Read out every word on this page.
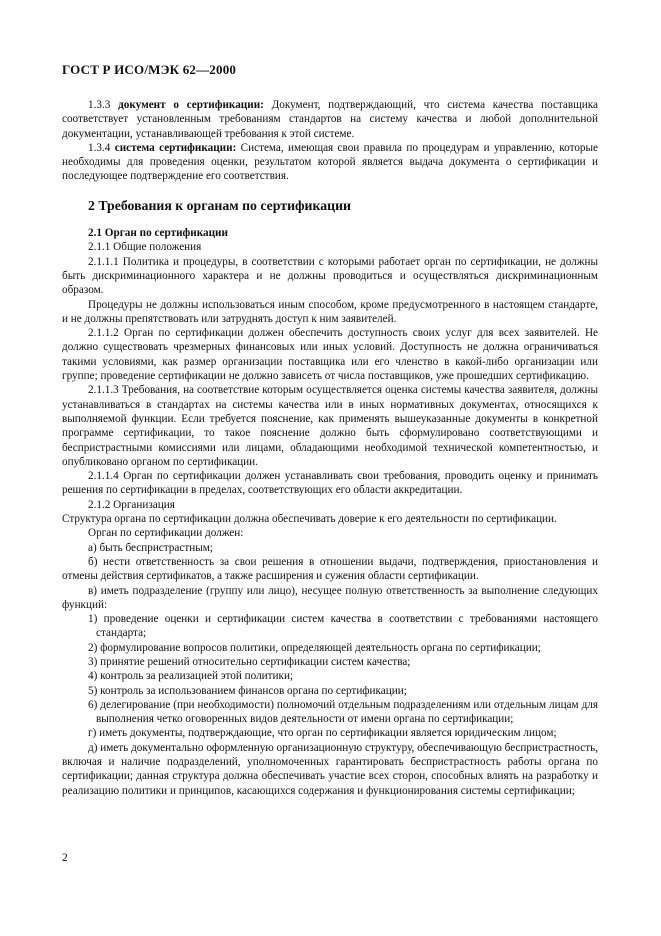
ГОСТ Р ИСО/МЭК 62—2000

1.3.3 документ о сертификации: Документ, подтверждающий, что система качества поставщика соответствует установленным требованиям стандартов на систему качества и любой дополнительной документации, устанавливающей требования к этой системе.

1.3.4 система сертификации: Система, имеющая свои правила по процедурам и управлению, которые необходимы для проведения оценки, результатом которой является выдача документа о сертификации и последующее подтверждение его соответствия.

2 Требования к органам по сертификации

2.1 Орган по сертификации

2.1.1 Общие положения

2.1.1.1 Политика и процедуры, в соответствии с которыми работает орган по сертификации, не должны быть дискриминационного характера и не должны проводиться и осуществляться дискриминационным образом.

Процедуры не должны использоваться иным способом, кроме предусмотренного в настоящем стандарте, и не должны препятствовать или затруднять доступ к ним заявителей.

2.1.1.2 Орган по сертификации должен обеспечить доступность своих услуг для всех заявителей. Не должно существовать чрезмерных финансовых или иных условий. Доступность не должна ограничиваться такими условиями, как размер организации поставщика или его членство в какой-либо организации или группе; проведение сертификации не должно зависеть от числа поставщиков, уже прошедших сертификацию.

2.1.1.3 Требования, на соответствие которым осуществляется оценка системы качества заявителя, должны устанавливаться в стандартах на системы качества или в иных нормативных документах, относящихся к выполняемой функции. Если требуется пояснение, как применять вышеуказанные документы в конкретной программе сертификации, то такое пояснение должно быть сформулировано соответствующими и беспристрастными комиссиями или лицами, обладающими необходимой технической компетентностью, и опубликовано органом по сертификации.

2.1.1.4 Орган по сертификации должен устанавливать свои требования, проводить оценку и принимать решения по сертификации в пределах, соответствующих его области аккредитации.

2.1.2 Организация

Структура органа по сертификации должна обеспечивать доверие к его деятельности по сертификации.

Орган по сертификации должен:

а) быть беспристрастным;

б) нести ответственность за свои решения в отношении выдачи, подтверждения, приостановления и отмены действия сертификатов, а также расширения и сужения области сертификации.

в) иметь подразделение (группу или лицо), несущее полную ответственность за выполнение следующих функций:

1) проведение оценки и сертификации систем качества в соответствии с требованиями настоящего стандарта;

2) формулирование вопросов политики, определяющей деятельность органа по сертификации;

3) принятие решений относительно сертификации систем качества;

4) контроль за реализацией этой политики;

5) контроль за использованием финансов органа по сертификации;

6) делегирование (при необходимости) полномочий отдельным подразделениям или отдельным лицам для выполнения четко оговоренных видов деятельности от имени органа по сертификации;

г) иметь документы, подтверждающие, что орган по сертификации является юридическим лицом;

д) иметь документально оформленную организационную структуру, обеспечивающую беспристрастность, включая и наличие подразделений, уполномоченных гарантировать беспристрастность работы органа по сертификации; данная структура должна обеспечивать участие всех сторон, способных влиять на разработку и реализацию политики и принципов, касающихся содержания и функционирования системы сертификации;

2
